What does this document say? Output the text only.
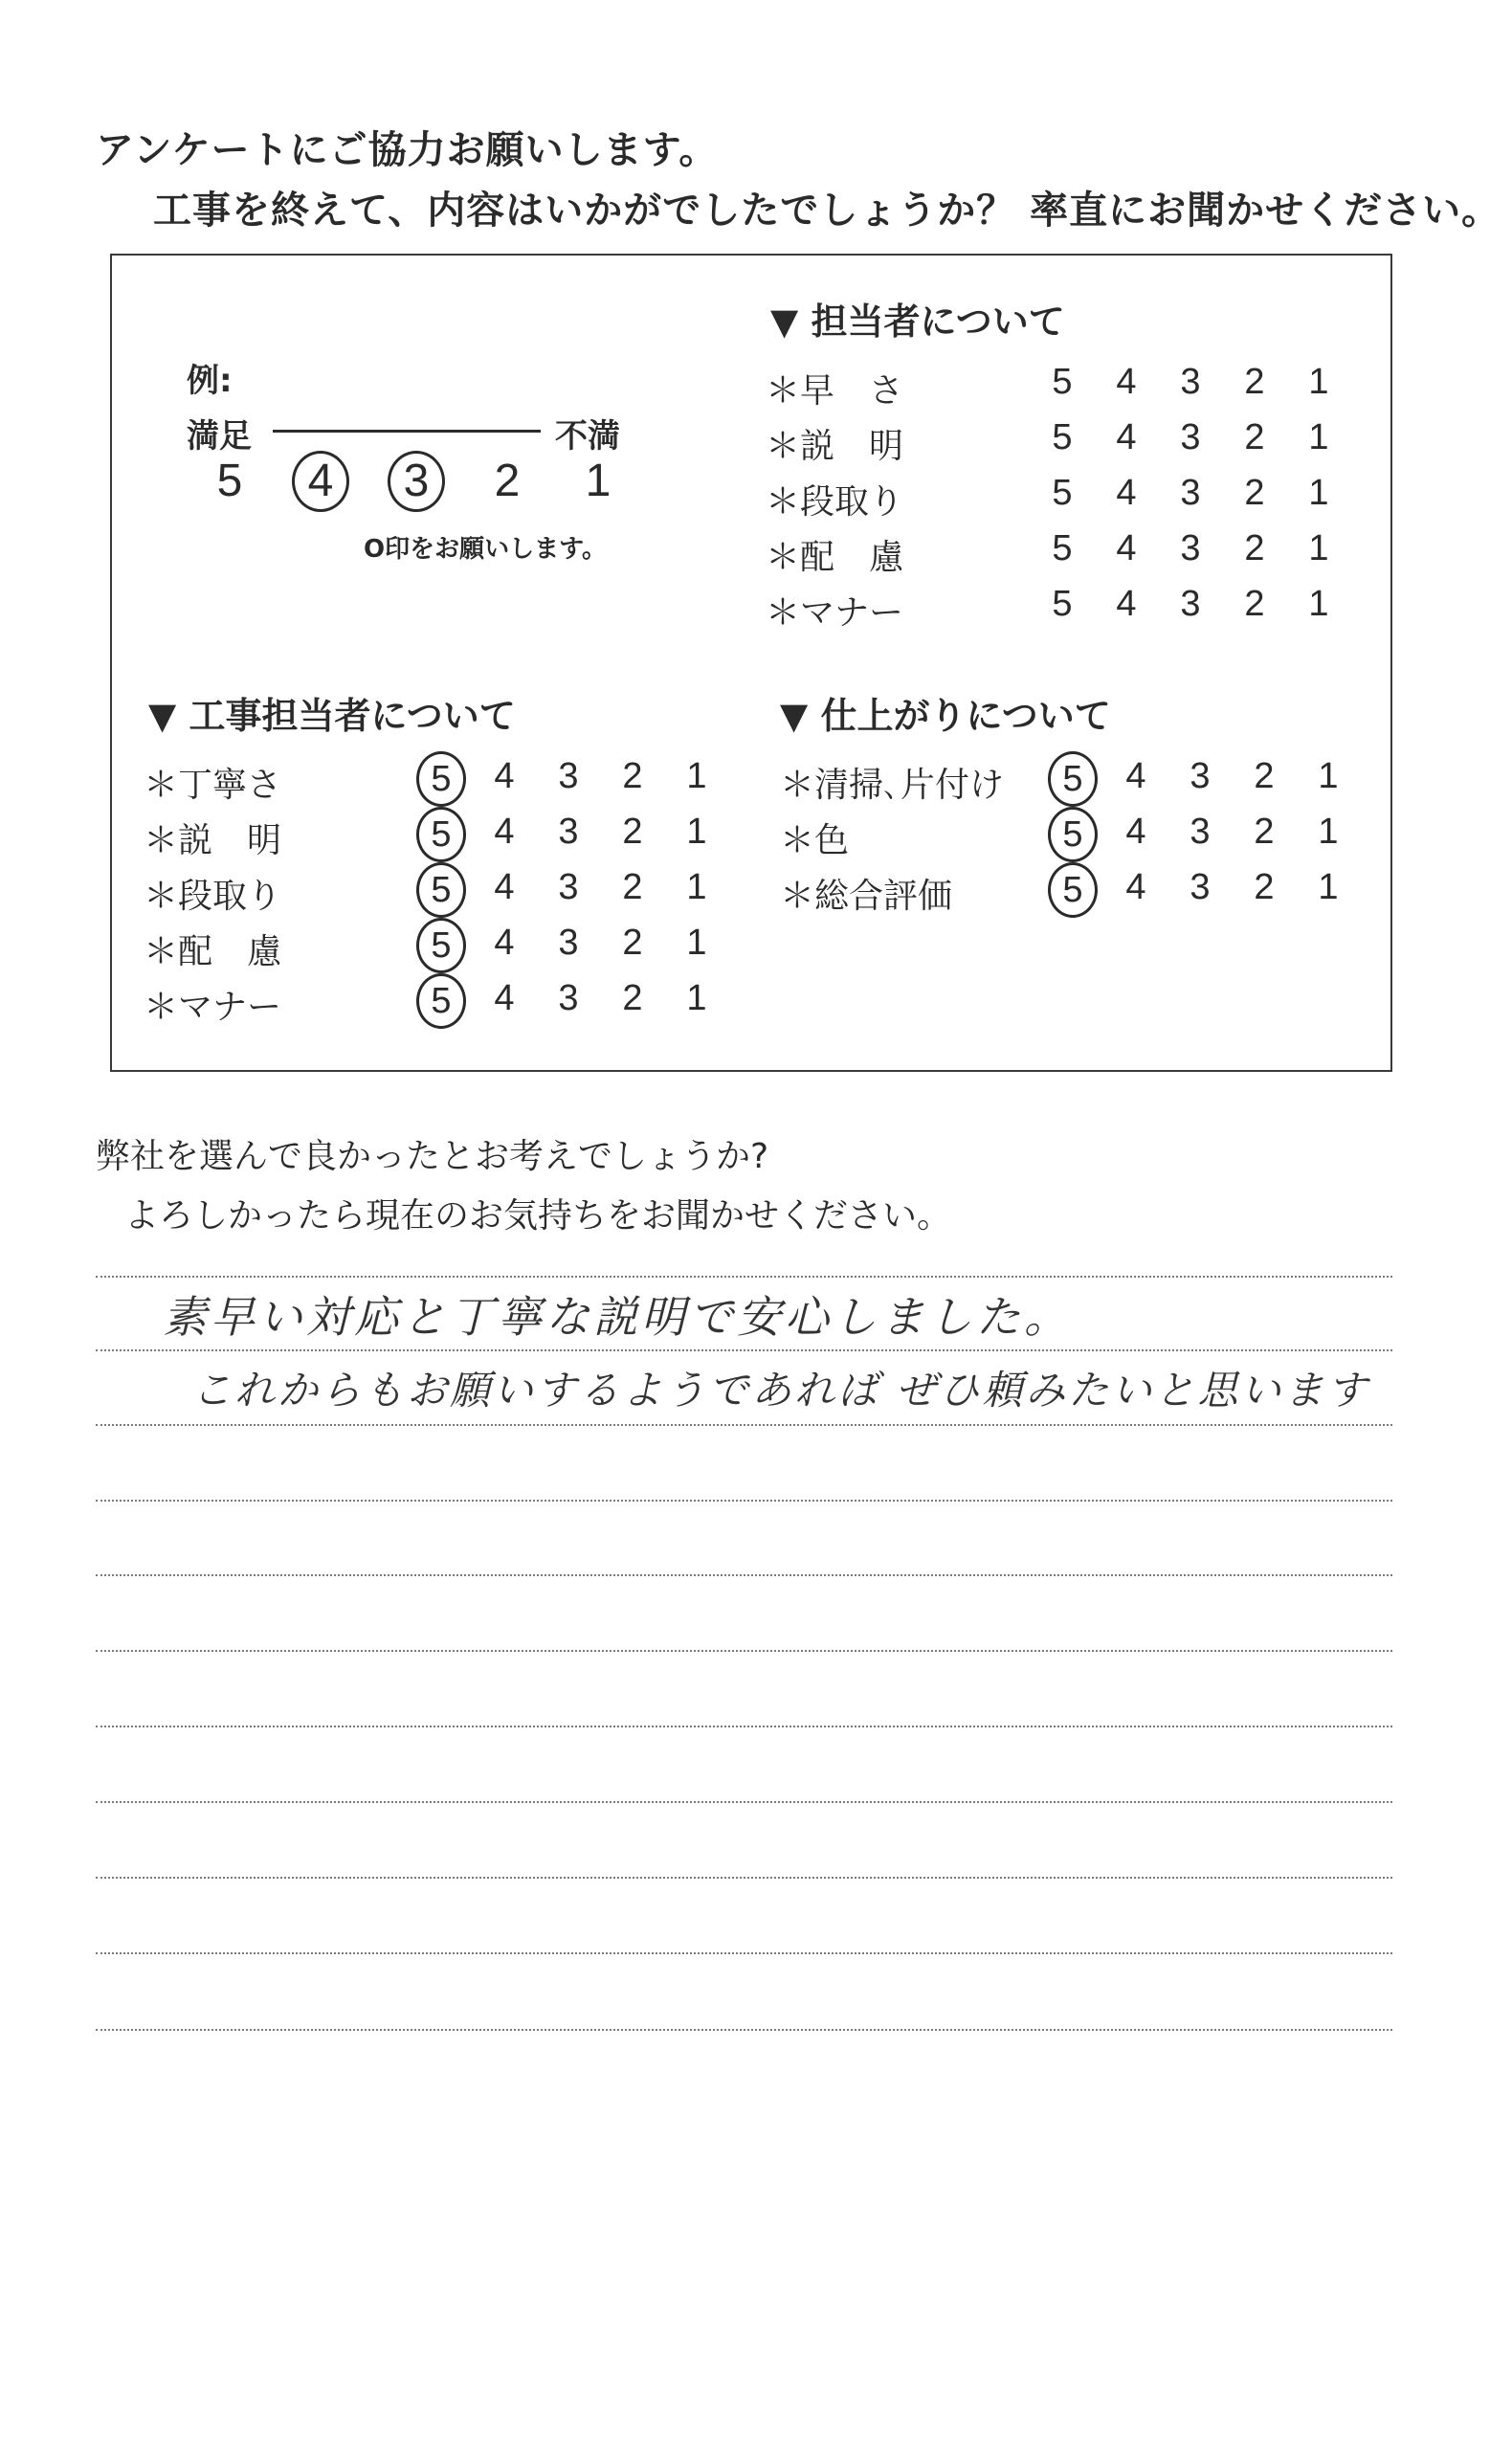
アンケートにご協力お願いします。
工事を終えて、内容はいかがでしたでしょうか？ 率直にお聞かせください。
例:
満足	不満
5	4	3	2 1
O印をお願いします。
▼ 担当者について
▼ 工事担当者について	▼ 仕上がりについて
＊早　さ	5 4 3 2 1
＊説　明	5 4 3 2 1
＊段取り	5 4 3 2 1
＊配　慮	5 4 3 2 1
＊マナー	5 4 3 2 1
＊丁寧さ	5	4 3 2 1
＊説　明	5	4 3 2 1
＊段取り	5	4 3 2 1
＊配　慮	5	4 3 2 1
＊マナー	5	4 3 2 1
＊清掃､片付け	5	4 3 2 1
＊色	5	4 3 2 1
＊総合評価	5	4 3 2 1
弊社を選んで良かったとお考えでしょうか?
よろしかったら現在のお気持ちをお聞かせください。
素早い対応と丁寧な説明で安心しました。
これからもお願いするようであれば ぜひ頼みたいと思います
